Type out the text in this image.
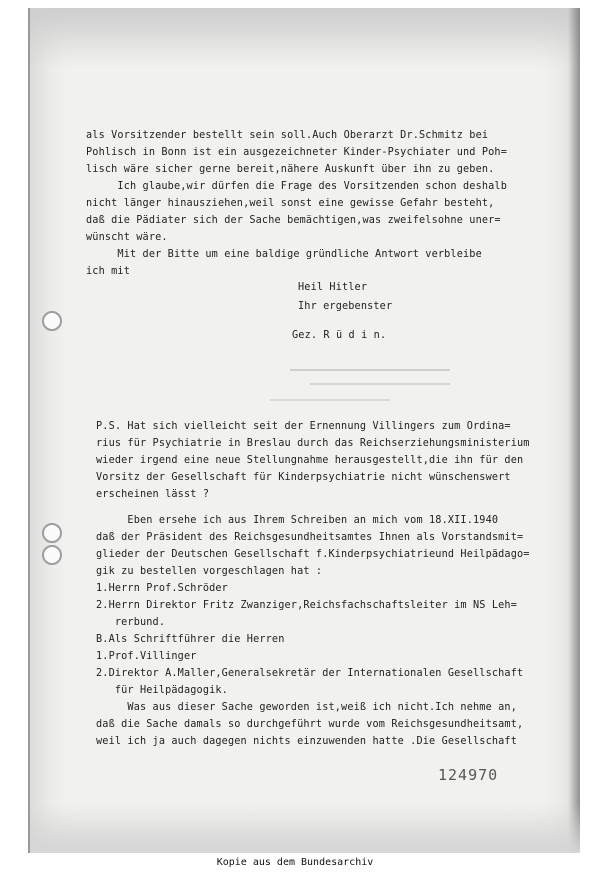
als Vorsitzender bestellt sein soll.Auch Oberarzt Dr.Schmitz bei
Pohlisch in Bonn ist ein ausgezeichneter Kinder-Psychiater und Poh=
lisch wäre sicher gerne bereit,nähere Auskunft über ihn zu geben.
Ich glaube,wir dürfen die Frage des Vorsitzenden schon deshalb
nicht länger hinausziehen,weil sonst eine gewisse Gefahr besteht,
daß die Pädiater sich der Sache bemächtigen,was zweifelsohne uner=
wünscht wäre.
Mit der Bitte um eine baldige gründliche Antwort verbleibe
ich mit
Heil Hitler
Ihr ergebenster
Gez. R ü d i n.
P.S. Hat sich vielleicht seit der Ernennung Villingers zum Ordina=
rius für Psychiatrie in Breslau durch das Reichserziehungsministerium
wieder irgend eine neue Stellungnahme herausgestellt,die ihn für den
Vorsitz der Gesellschaft für Kinderpsychiatrie nicht wünschenswert
erscheinen lässt ?
Eben ersehe ich aus Ihrem Schreiben an mich vom 18.XII.1940
daß der Präsident des Reichsgesundheitsamtes Ihnen als Vorstandsmit=
glieder der Deutschen Gesellschaft f.Kinderpsychiatrieund Heilpädago=
gik zu bestellen vorgeschlagen hat :
1.Herrn Prof.Schröder
2.Herrn Direktor Fritz Zwanziger,Reichsfachschaftsleiter im NS Leh=
rerbund.
B.Als Schriftführer die Herren
1.Prof.Villinger
2.Direktor A.Maller,Generalsekretär der Internationalen Gesellschaft
für Heilpädagogik.
Was aus dieser Sache geworden ist,weiß ich nicht.Ich nehme an,
daß die Sache damals so durchgeführt wurde vom Reichsgesundheitsamt,
weil ich ja auch dagegen nichts einzuwenden hatte .Die Gesellschaft
124970
Kopie aus dem Bundesarchiv
